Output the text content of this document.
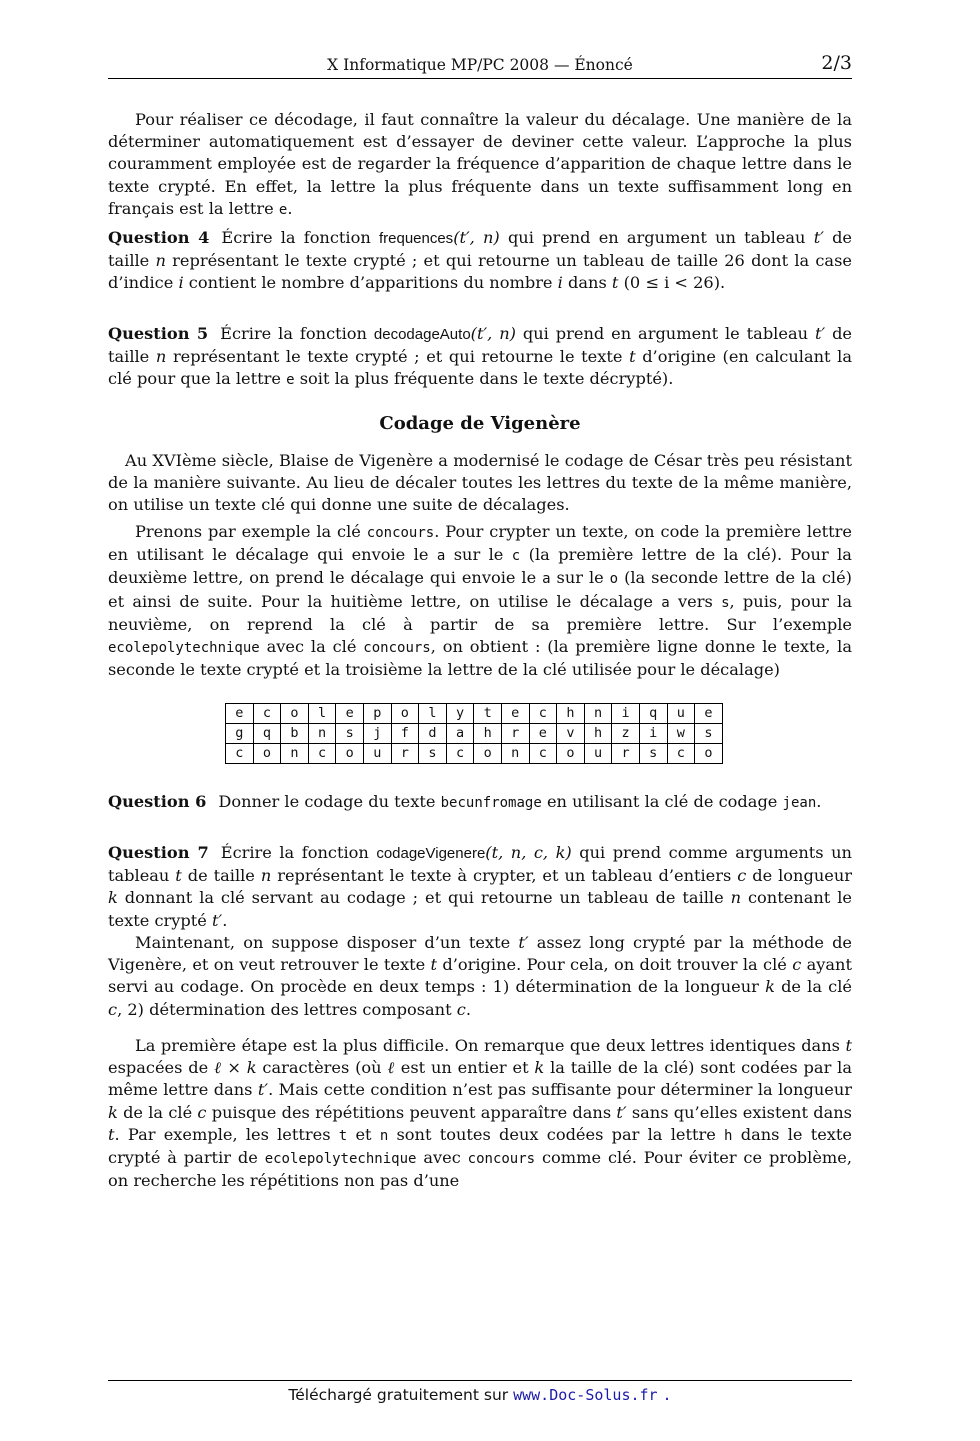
X Informatique MP/PC 2008 — Énoncé	2/3

Pour réaliser ce décodage, il faut connaître la valeur du décalage. Une manière de la déterminer automatiquement est d’essayer de deviner cette valeur. L’approche la plus couramment employée est de regarder la fréquence d’apparition de chaque lettre dans le texte crypté. En effet, la lettre la plus fréquente dans un texte suffisamment long en français est la lettre e.

Question 4 Écrire la fonction frequences(t′, n) qui prend en argument un tableau t′ de taille n représentant le texte crypté ; et qui retourne un tableau de taille 26 dont la case d’indice i contient le nombre d’apparitions du nombre i dans t (0 ≤ i < 26).

Question 5 Écrire la fonction decodageAuto(t′, n) qui prend en argument le tableau t′ de taille n représentant le texte crypté ; et qui retourne le texte t d’origine (en calculant la clé pour que la lettre e soit la plus fréquente dans le texte décrypté).

Codage de Vigenère

Au XVIème siècle, Blaise de Vigenère a modernisé le codage de César très peu résistant de la manière suivante. Au lieu de décaler toutes les lettres du texte de la même manière, on utilise un texte clé qui donne une suite de décalages.

Prenons par exemple la clé concours. Pour crypter un texte, on code la première lettre en utilisant le décalage qui envoie le a sur le c (la première lettre de la clé). Pour la deuxième lettre, on prend le décalage qui envoie le a sur le o (la seconde lettre de la clé) et ainsi de suite. Pour la huitième lettre, on utilise le décalage a vers s, puis, pour la neuvième, on reprend la clé à partir de sa première lettre. Sur l’exemple ecolepolytechnique avec la clé concours, on obtient : (la première ligne donne le texte, la seconde le texte crypté et la troisième la lettre de la clé utilisée pour le décalage)

e	c	o	l	e	p	o	l	y	t	e	c	h	n	i	q	u	e
g	q	b	n	s	j	f	d	a	h	r	e	v	h	z	i	w	s
c	o	n	c	o	u	r	s	c	o	n	c	o	u	r	s	c	o

Question 6 Donner le codage du texte becunfromage en utilisant la clé de codage jean.

Question 7 Écrire la fonction codageVigenere(t, n, c, k) qui prend comme arguments un tableau t de taille n représentant le texte à crypter, et un tableau d’entiers c de longueur k donnant la clé servant au codage ; et qui retourne un tableau de taille n contenant le texte crypté t′.

Maintenant, on suppose disposer d’un texte t′ assez long crypté par la méthode de Vigenère, et on veut retrouver le texte t d’origine. Pour cela, on doit trouver la clé c ayant servi au codage. On procède en deux temps : 1) détermination de la longueur k de la clé c, 2) détermination des lettres composant c.

La première étape est la plus difficile. On remarque que deux lettres identiques dans t espacées de ℓ × k caractères (où ℓ est un entier et k la taille de la clé) sont codées par la même lettre dans t′. Mais cette condition n’est pas suffisante pour déterminer la longueur k de la clé c puisque des répétitions peuvent apparaître dans t′ sans qu’elles existent dans t. Par exemple, les lettres t et n sont toutes deux codées par la lettre h dans le texte crypté à partir de ecolepolytechnique avec concours comme clé. Pour éviter ce problème, on recherche les répétitions non pas d’une

Téléchargé gratuitement sur www.Doc-Solus.fr .
